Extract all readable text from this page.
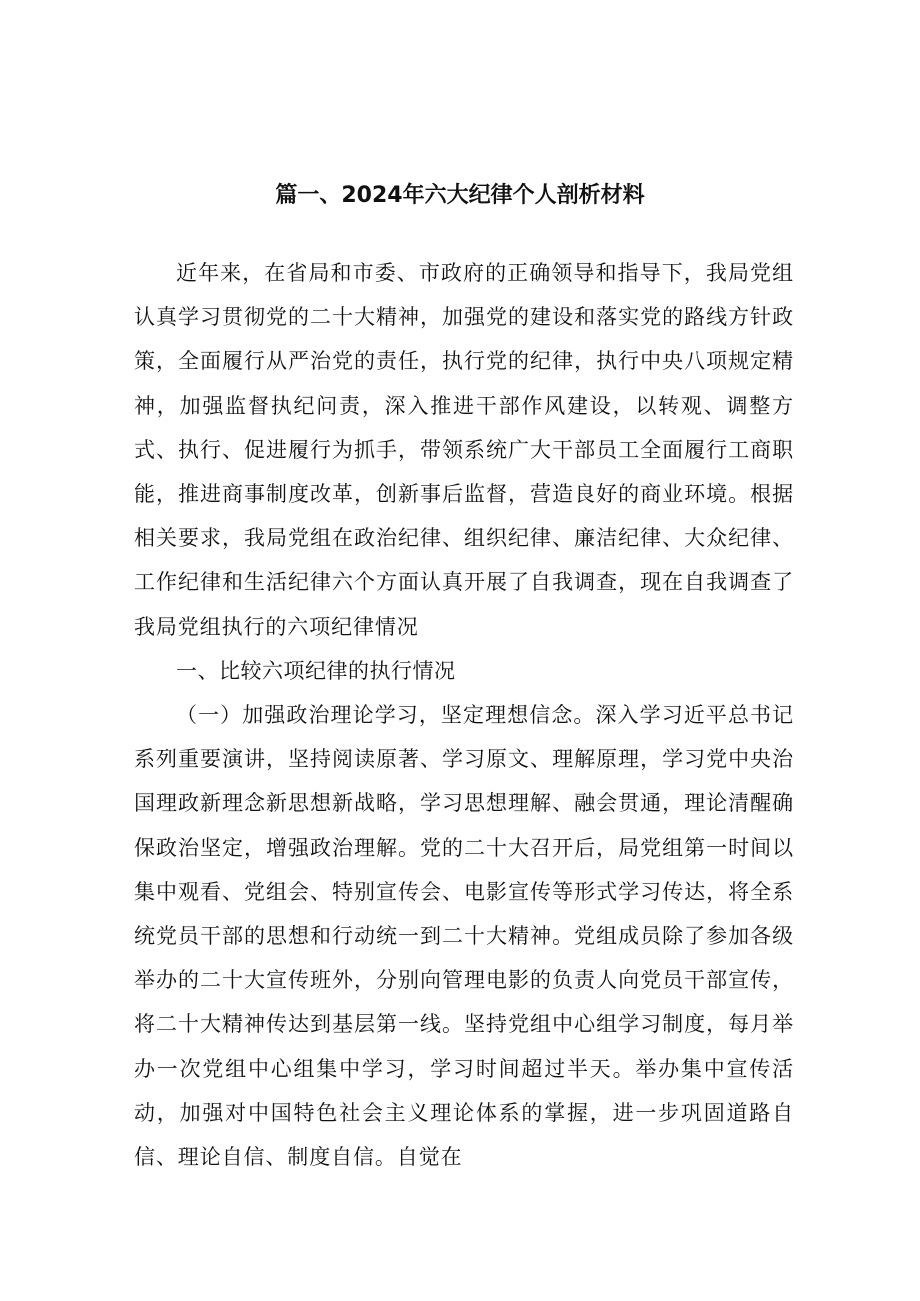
篇一、2024年六大纪律个人剖析材料

近年来，在省局和市委、市政府的正确领导和指导下，我局党组认真学习贯彻党的二十大精神，加强党的建设和落实党的路线方针政策，全面履行从严治党的责任，执行党的纪律，执行中央八项规定精神，加强监督执纪问责，深入推进干部作风建设，以转观、调整方式、执行、促进履行为抓手，带领系统广大干部员工全面履行工商职能，推进商事制度改革，创新事后监督，营造良好的商业环境。根据相关要求，我局党组在政治纪律、组织纪律、廉洁纪律、大众纪律、工作纪律和生活纪律六个方面认真开展了自我调查，现在自我调查了我局党组执行的六项纪律情况

一、比较六项纪律的执行情况

（一）加强政治理论学习，坚定理想信念。深入学习近平总书记系列重要演讲，坚持阅读原著、学习原文、理解原理，学习党中央治国理政新理念新思想新战略，学习思想理解、融会贯通，理论清醒确保政治坚定，增强政治理解。党的二十大召开后，局党组第一时间以集中观看、党组会、特别宣传会、电影宣传等形式学习传达，将全系统党员干部的思想和行动统一到二十大精神。党组成员除了参加各级举办的二十大宣传班外，分别向管理电影的负责人向党员干部宣传，将二十大精神传达到基层第一线。坚持党组中心组学习制度，每月举办一次党组中心组集中学习，学习时间超过半天。举办集中宣传活动，加强对中国特色社会主义理论体系的掌握，进一步巩固道路自信、理论自信、制度自信。自觉在
